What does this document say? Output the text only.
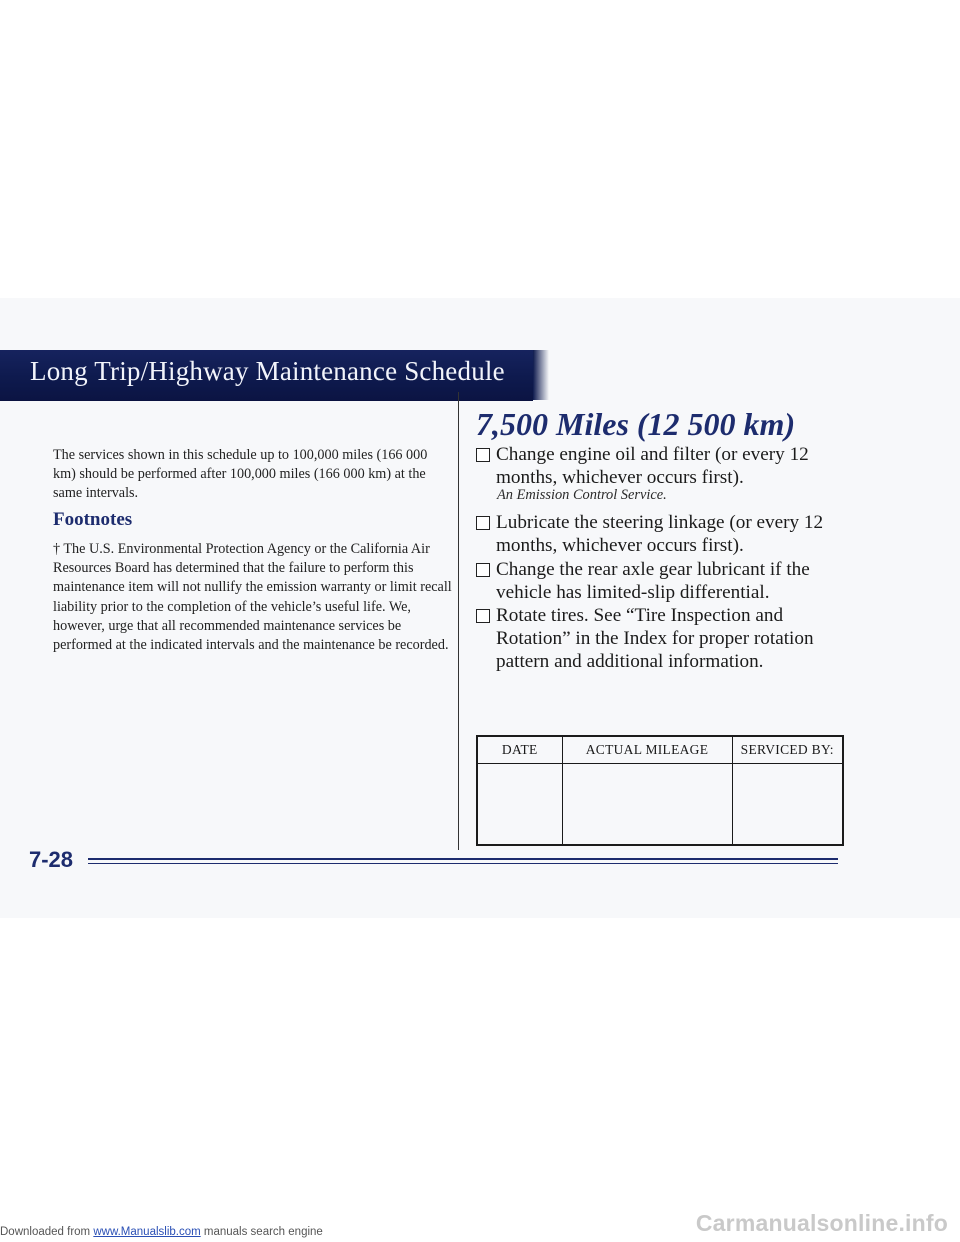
Long Trip/Highway Maintenance Schedule
The services shown in this schedule up to 100,000 miles (166 000 km) should be performed after 100,000 miles (166 000 km) at the same intervals.
Footnotes
† The U.S. Environmental Protection Agency or the California Air Resources Board has determined that the failure to perform this maintenance item will not nullify the emission warranty or limit recall liability prior to the completion of the vehicle’s useful life. We, however, urge that all recommended maintenance services be performed at the indicated intervals and the maintenance be recorded.
7,500 Miles (12 500 km)
Change engine oil and filter (or every 12 months, whichever occurs first).
An Emission Control Service.
Lubricate the steering linkage (or every 12 months, whichever occurs first).
Change the rear axle gear lubricant if the vehicle has limited-slip differential.
Rotate tires. See “Tire Inspection and Rotation” in the Index for proper rotation pattern and additional information.
DATE	ACTUAL MILEAGE	SERVICED BY:

7-28
Downloaded from www.Manualslib.com manuals search engine	Carmanualsonline.info
